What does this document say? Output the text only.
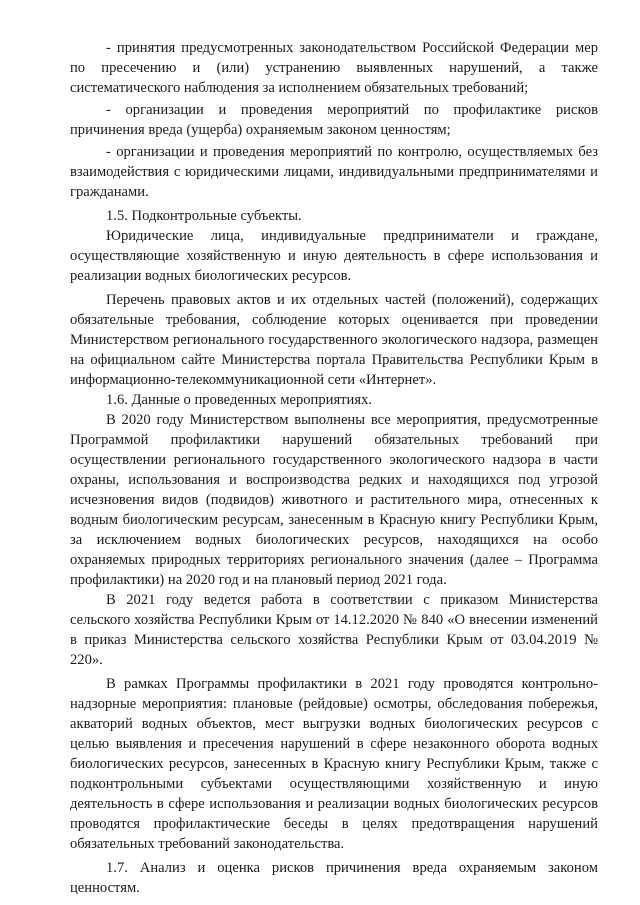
- принятия предусмотренных законодательством Российской Федерации мер по пресечению и (или) устранению выявленных нарушений, а также систематического наблюдения за исполнением обязательных требований;

- организации и проведения мероприятий по профилактике рисков причинения вреда (ущерба) охраняемым законом ценностям;

- организации и проведения мероприятий по контролю, осуществляемых без взаимодействия с юридическими лицами, индивидуальными предпринимателями и гражданами.

1.5. Подконтрольные субъекты.

Юридические лица, индивидуальные предприниматели и граждане, осуществляющие хозяйственную и иную деятельность в сфере использования и реализации водных биологических ресурсов.

Перечень правовых актов и их отдельных частей (положений), содержащих обязательные требования, соблюдение которых оценивается при проведении Министерством регионального государственного экологического надзора, размещен на официальном сайте Министерства портала Правительства Республики Крым в информационно-телекоммуникационной сети «Интернет».

1.6. Данные о проведенных мероприятиях.

В 2020 году Министерством выполнены все мероприятия, предусмотренные Программой профилактики нарушений обязательных требований при осуществлении регионального государственного экологического надзора в части охраны, использования и воспроизводства редких и находящихся под угрозой исчезновения видов (подвидов) животного и растительного мира, отнесенных к водным биологическим ресурсам, занесенным в Красную книгу Республики Крым, за исключением водных биологических ресурсов, находящихся на особо охраняемых природных территориях регионального значения (далее – Программа профилактики) на 2020 год и на плановый период 2021 года.

В 2021 году ведется работа в соответствии с приказом Министерства сельского хозяйства Республики Крым от 14.12.2020 № 840 «О внесении изменений в приказ Министерства сельского хозяйства Республики Крым от 03.04.2019 № 220».

В рамках Программы профилактики в 2021 году проводятся контрольно-надзорные мероприятия: плановые (рейдовые) осмотры, обследования побережья, акваторий водных объектов, мест выгрузки водных биологических ресурсов с целью выявления и пресечения нарушений в сфере незаконного оборота водных биологических ресурсов, занесенных в Красную книгу Республики Крым, также с подконтрольными субъектами осуществляющими хозяйственную и иную деятельность в сфере использования и реализации водных биологических ресурсов проводятся профилактические беседы в целях предотвращения нарушений обязательных требований законодательства.

1.7. Анализ и оценка рисков причинения вреда охраняемым законом ценностям.
